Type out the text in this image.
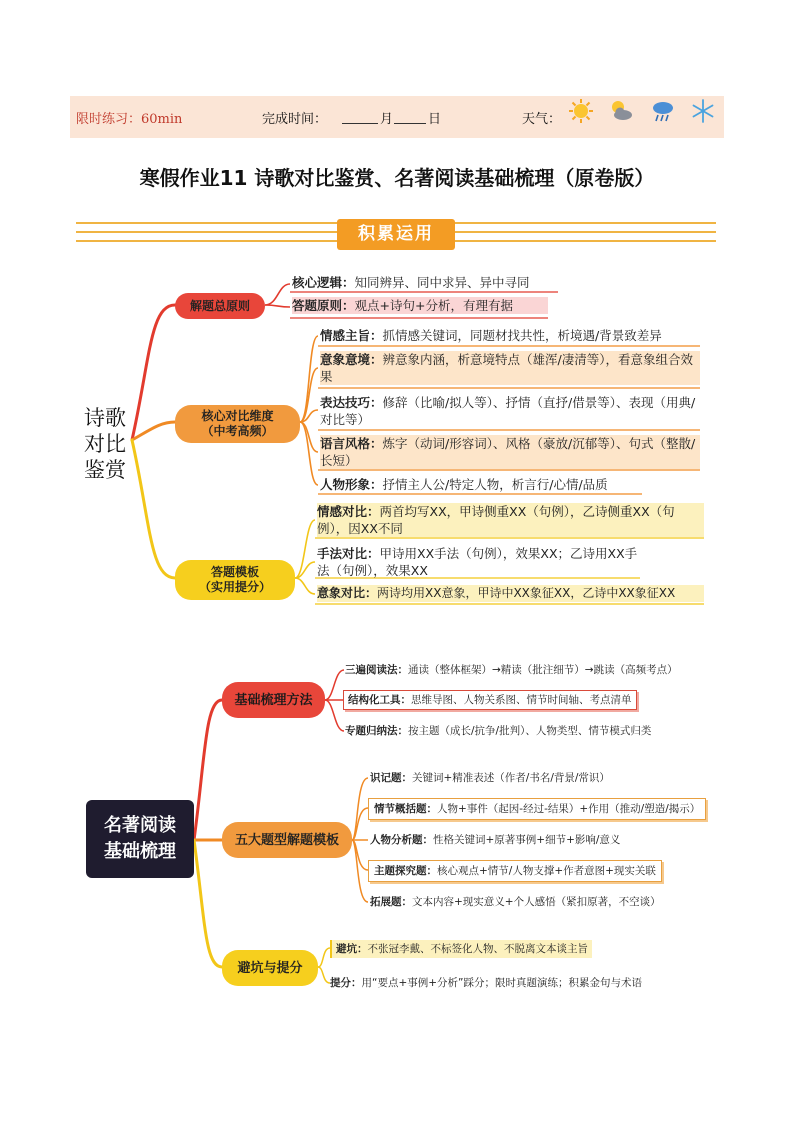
限时练习：60min	完成时间：	月	日	天气：
寒假作业11 诗歌对比鉴赏、名著阅读基础梳理（原卷版）
积累运用
诗歌
对比
鉴赏
解题总原则
核心对比维度
（中考高频）
答题模板
（实用提分）
核心逻辑：知同辨异、同中求异、异中寻同
答题原则：观点+诗句+分析，有理有据
情感主旨：抓情感关键词，同题材找共性，析境遇/背景致差异
意象意境：辨意象内涵，析意境特点（雄浑/凄清等），看意象组合效果
表达技巧：修辞（比喻/拟人等）、抒情（直抒/借景等）、表现（用典/对比等）
语言风格：炼字（动词/形容词）、风格（豪放/沉郁等）、句式（整散/长短）
人物形象：抒情主人公/特定人物，析言行/心情/品质
情感对比：两首均写XX，甲诗侧重XX（句例），乙诗侧重XX（句例），因XX不同
手法对比：甲诗用XX手法（句例），效果XX；乙诗用XX手法（句例），效果XX
意象对比：两诗均用XX意象，甲诗中XX象征XX，乙诗中XX象征XX
名著阅读
基础梳理
基础梳理方法
五大题型解题模板
避坑与提分
三遍阅读法：通读（整体框架）→精读（批注细节）→跳读（高频考点）
结构化工具：思维导图、人物关系图、情节时间轴、考点清单
专题归纳法：按主题（成长/抗争/批判）、人物类型、情节模式归类
识记题：关键词+精准表述（作者/书名/背景/常识）
情节概括题：人物+事件（起因-经过-结果）+作用（推动/塑造/揭示）
人物分析题：性格关键词+原著事例+细节+影响/意义
主题探究题：核心观点+情节/人物支撑+作者意图+现实关联
拓展题：文本内容+现实意义+个人感悟（紧扣原著，不空谈）
避坑：不张冠李戴、不标签化人物、不脱离文本谈主旨
提分：用“要点+事例+分析”踩分；限时真题演练；积累金句与术语
